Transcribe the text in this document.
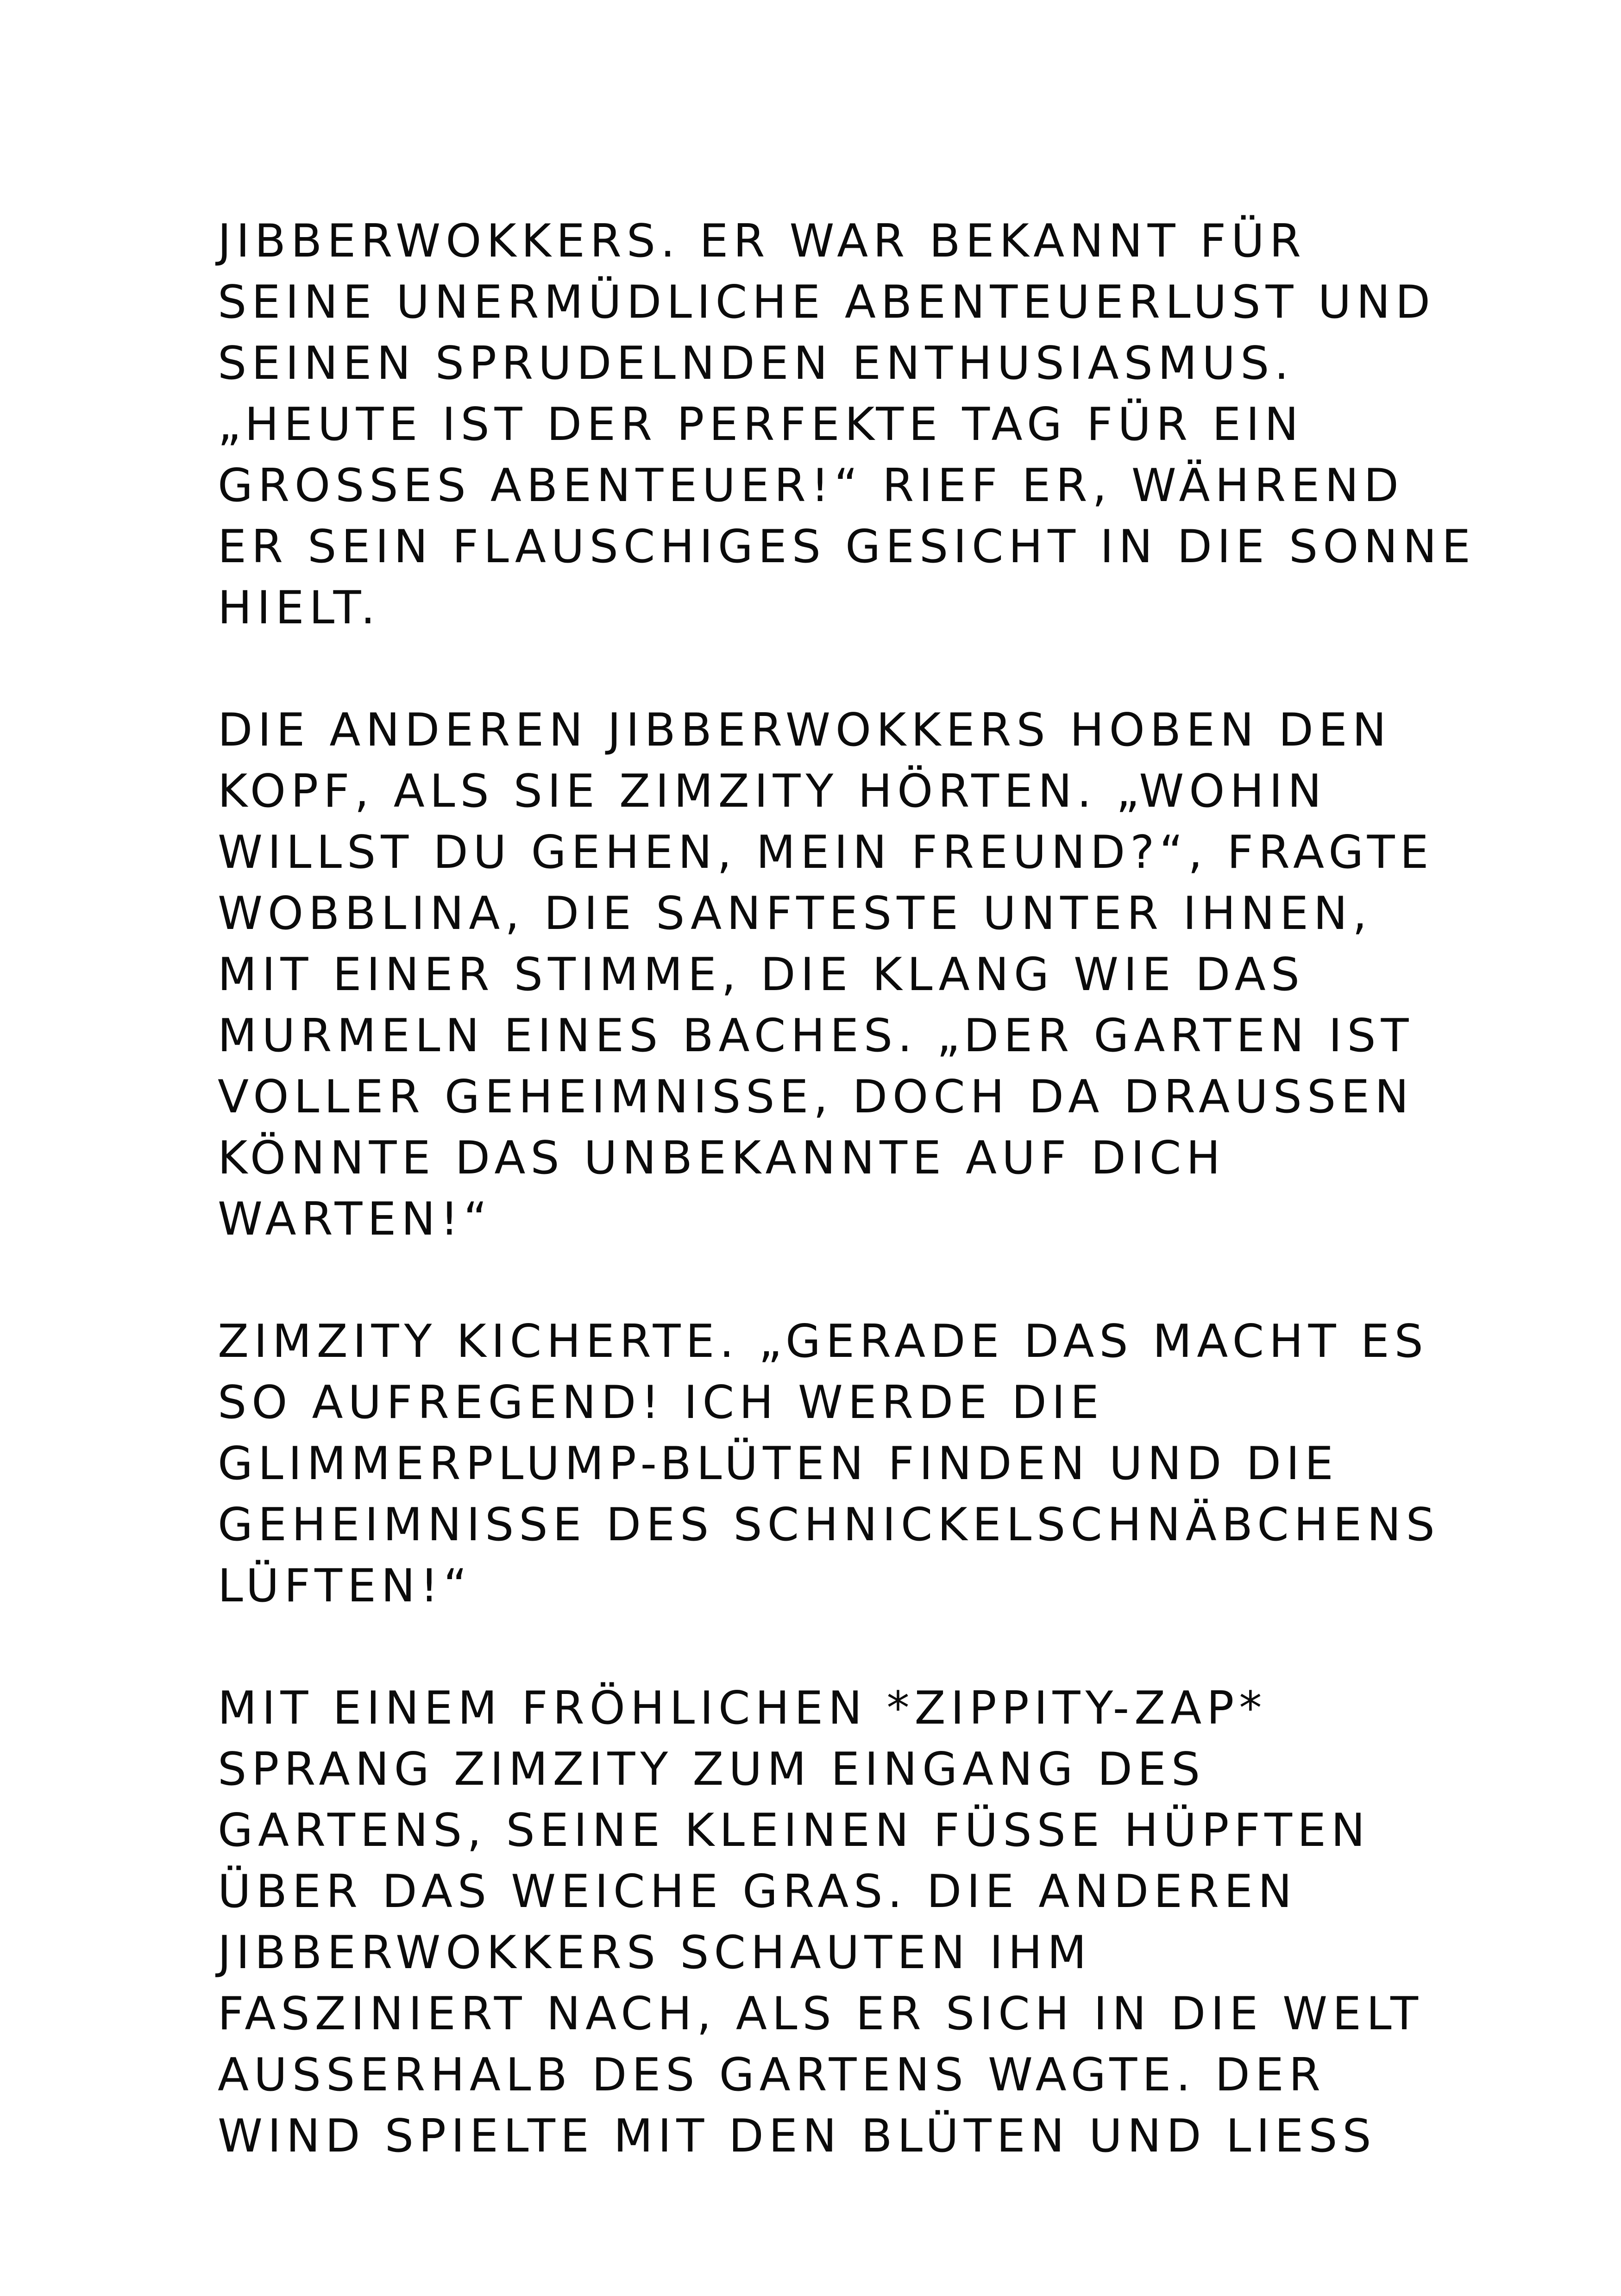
JIBBERWOKKERS. ER WAR BEKANNT FÜR
SEINE UNERMÜDLICHE ABENTEUERLUST UND
SEINEN SPRUDELNDEN ENTHUSIASMUS.
„HEUTE IST DER PERFEKTE TAG FÜR EIN
GROSSES ABENTEUER!“ RIEF ER, WÄHREND
ER SEIN FLAUSCHIGES GESICHT IN DIE SONNE
HIELT.

DIE ANDEREN JIBBERWOKKERS HOBEN DEN
KOPF, ALS SIE ZIMZITY HÖRTEN. „WOHIN
WILLST DU GEHEN, MEIN FREUND?“, FRAGTE
WOBBLINA, DIE SANFTESTE UNTER IHNEN,
MIT EINER STIMME, DIE KLANG WIE DAS
MURMELN EINES BACHES. „DER GARTEN IST
VOLLER GEHEIMNISSE, DOCH DA DRAUSSEN
KÖNNTE DAS UNBEKANNTE AUF DICH
WARTEN!“

ZIMZITY KICHERTE. „GERADE DAS MACHT ES
SO AUFREGEND! ICH WERDE DIE
GLIMMERPLUMP-BLÜTEN FINDEN UND DIE
GEHEIMNISSE DES SCHNICKELSCHNÄBCHENS
LÜFTEN!“

MIT EINEM FRÖHLICHEN *ZIPPITY-ZAP*
SPRANG ZIMZITY ZUM EINGANG DES
GARTENS, SEINE KLEINEN FÜSSE HÜPFTEN
ÜBER DAS WEICHE GRAS. DIE ANDEREN
JIBBERWOKKERS SCHAUTEN IHM
FASZINIERT NACH, ALS ER SICH IN DIE WELT
AUSSERHALB DES GARTENS WAGTE. DER
WIND SPIELTE MIT DEN BLÜTEN UND LIESS
